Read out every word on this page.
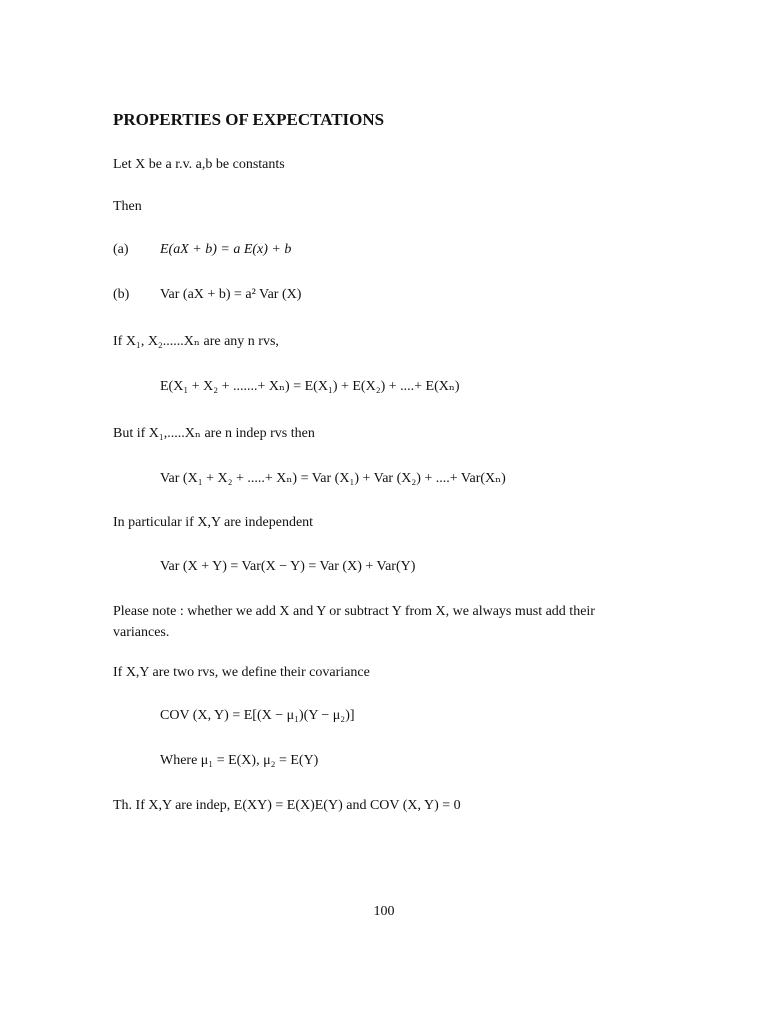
PROPERTIES OF EXPECTATIONS
Let X be a r.v. a,b be constants
Then
(a) E(aX + b) = a E(x) + b
(b) Var (aX + b) = a² Var (X)
If X₁, X₂......Xₙ are any n rvs,
E(X₁ + X₂ + .......+ Xₙ) = E(X₁) + E(X₂) + ....+ E(Xₙ)
But if X₁,.....Xₙ are n indep rvs then
Var (X₁ + X₂ + .....+ Xₙ) = Var (X₁) + Var (X₂) + ....+ Var(Xₙ)
In particular if X,Y are independent
Var (X + Y) = Var(X − Y) = Var (X) + Var(Y)
Please note : whether we add X and Y or subtract Y from X, we always must add their variances.
If X,Y are two rvs, we define their covariance
COV (X, Y) = E[(X − μ₁)(Y − μ₂)]
Where μ₁ = E(X), μ₂ = E(Y)
Th. If X,Y are indep, E(XY) = E(X)E(Y) and COV (X, Y) = 0
100
